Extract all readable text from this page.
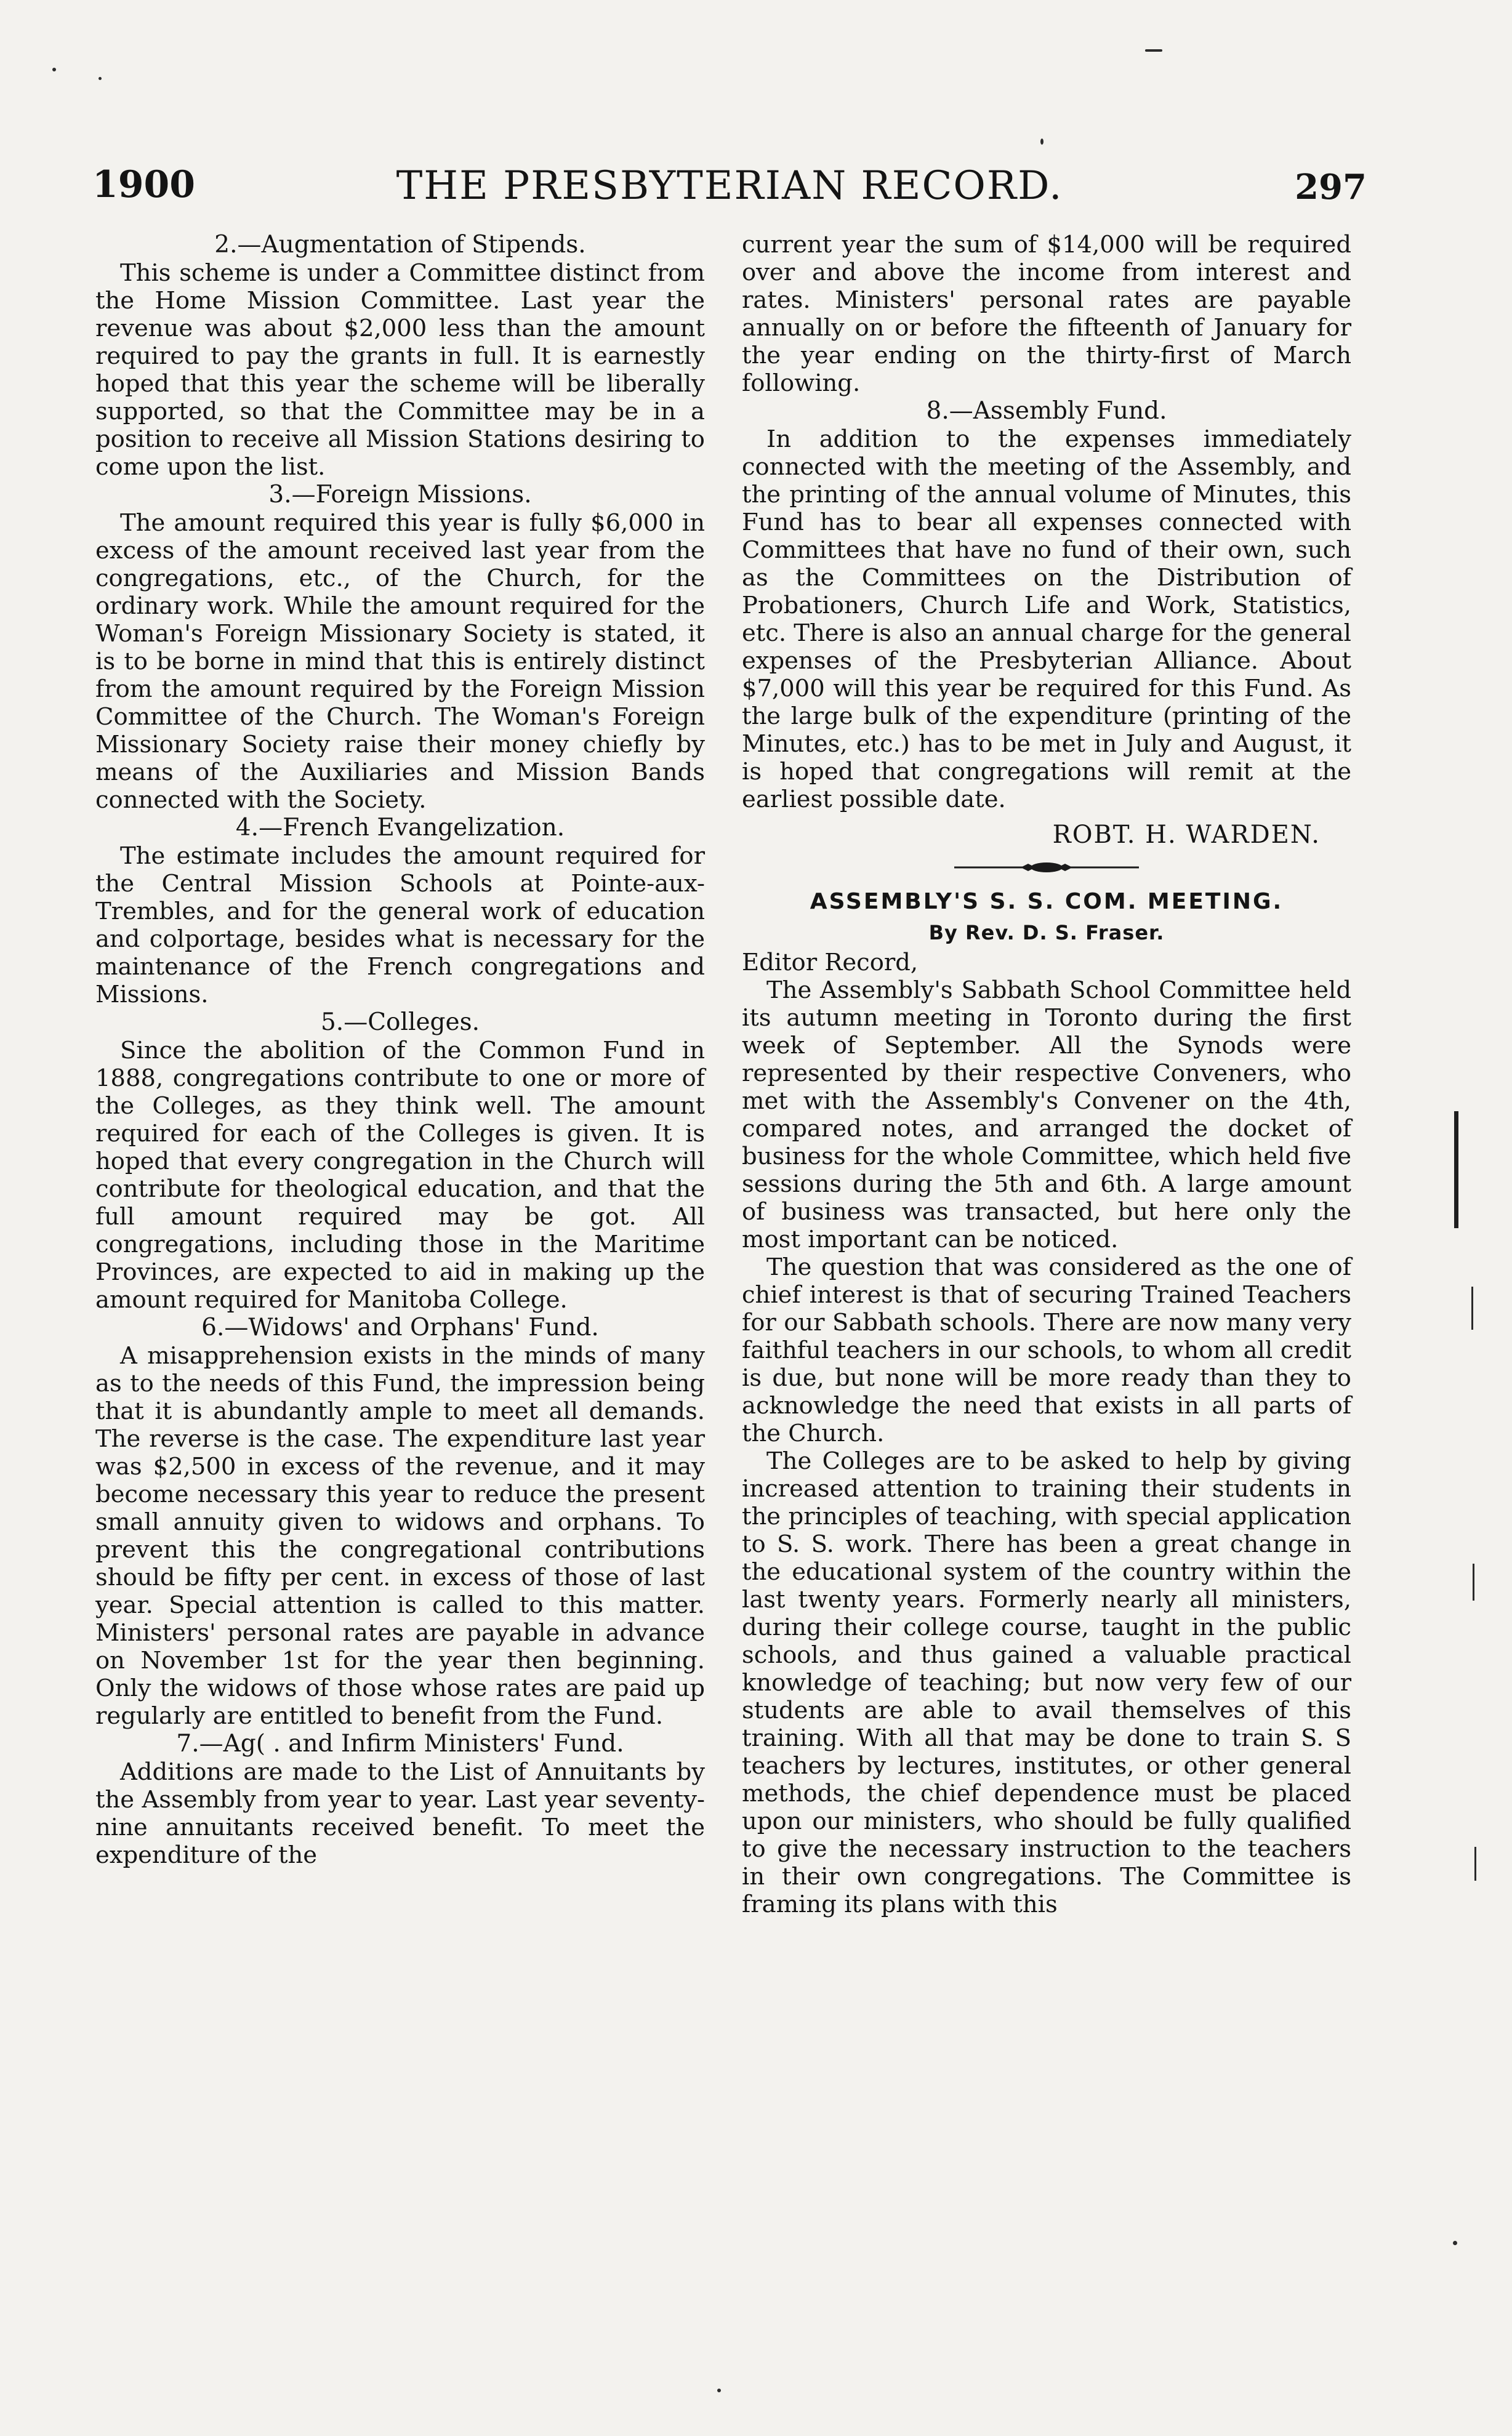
1900	THE PRESBYTERIAN RECORD.	297

2.—Augmentation of Stipends.

This scheme is under a Committee distinct from the Home Mission Committee. Last year the revenue was about $2,000 less than the amount required to pay the grants in full. It is earnestly hoped that this year the scheme will be liberally supported, so that the Committee may be in a position to receive all Mission Stations desiring to come upon the list.

3.—Foreign Missions.

The amount required this year is fully $6,000 in excess of the amount received last year from the congregations, etc., of the Church, for the ordinary work. While the amount required for the Woman's Foreign Missionary Society is stated, it is to be borne in mind that this is entirely distinct from the amount required by the Foreign Mission Committee of the Church. The Woman's Foreign Missionary Society raise their money chiefly by means of the Auxiliaries and Mission Bands connected with the Society.

4.—French Evangelization.

The estimate includes the amount required for the Central Mission Schools at Pointe-aux-Trembles, and for the general work of education and colportage, besides what is necessary for the maintenance of the French congregations and Missions.

5.—Colleges.

Since the abolition of the Common Fund in 1888, congregations contribute to one or more of the Colleges, as they think well. The amount required for each of the Colleges is given. It is hoped that every congregation in the Church will contribute for theological education, and that the full amount required may be got. All congregations, including those in the Maritime Provinces, are expected to aid in making up the amount required for Manitoba College.

6.—Widows' and Orphans' Fund.

A misapprehension exists in the minds of many as to the needs of this Fund, the impression being that it is abundantly ample to meet all demands. The reverse is the case. The expenditure last year was $2,500 in excess of the revenue, and it may become necessary this year to reduce the present small annuity given to widows and orphans. To prevent this the congregational contributions should be fifty per cent. in excess of those of last year. Special attention is called to this matter. Ministers' personal rates are payable in advance on November 1st for the year then beginning. Only the widows of those whose rates are paid up regularly are entitled to benefit from the Fund.

7.—Ag( . and Infirm Ministers' Fund.

Additions are made to the List of Annuitants by the Assembly from year to year. Last year seventy-nine annuitants received benefit. To meet the expenditure of the

current year the sum of $14,000 will be required over and above the income from interest and rates. Ministers' personal rates are payable annually on or before the fifteenth of January for the year ending on the thirty-first of March following.

8.—Assembly Fund.

In addition to the expenses immediately connected with the meeting of the Assembly, and the printing of the annual volume of Minutes, this Fund has to bear all expenses connected with Committees that have no fund of their own, such as the Committees on the Distribution of Probationers, Church Life and Work, Statistics, etc. There is also an annual charge for the general expenses of the Presbyterian Alliance. About $7,000 will this year be required for this Fund. As the large bulk of the expenditure (printing of the Minutes, etc.) has to be met in July and August, it is hoped that congregations will remit at the earliest possible date.

ROBT. H. WARDEN.

ASSEMBLY'S S. S. COM. MEETING.

By Rev. D. S. Fraser.

Editor Record,

The Assembly's Sabbath School Committee held its autumn meeting in Toronto during the first week of September. All the Synods were represented by their respective Conveners, who met with the Assembly's Convener on the 4th, compared notes, and arranged the docket of business for the whole Committee, which held five sessions during the 5th and 6th. A large amount of business was transacted, but here only the most important can be noticed.

The question that was considered as the one of chief interest is that of securing Trained Teachers for our Sabbath schools. There are now many very faithful teachers in our schools, to whom all credit is due, but none will be more ready than they to acknowledge the need that exists in all parts of the Church.

The Colleges are to be asked to help by giving increased attention to training their students in the principles of teaching, with special application to S. S. work. There has been a great change in the educational system of the country within the last twenty years. Formerly nearly all ministers, during their college course, taught in the public schools, and thus gained a valuable practical knowledge of teaching; but now very few of our students are able to avail themselves of this training. With all that may be done to train S. S teachers by lectures, institutes, or other general methods, the chief dependence must be placed upon our ministers, who should be fully qualified to give the necessary instruction to the teachers in their own congregations. The Committee is framing its plans with this
